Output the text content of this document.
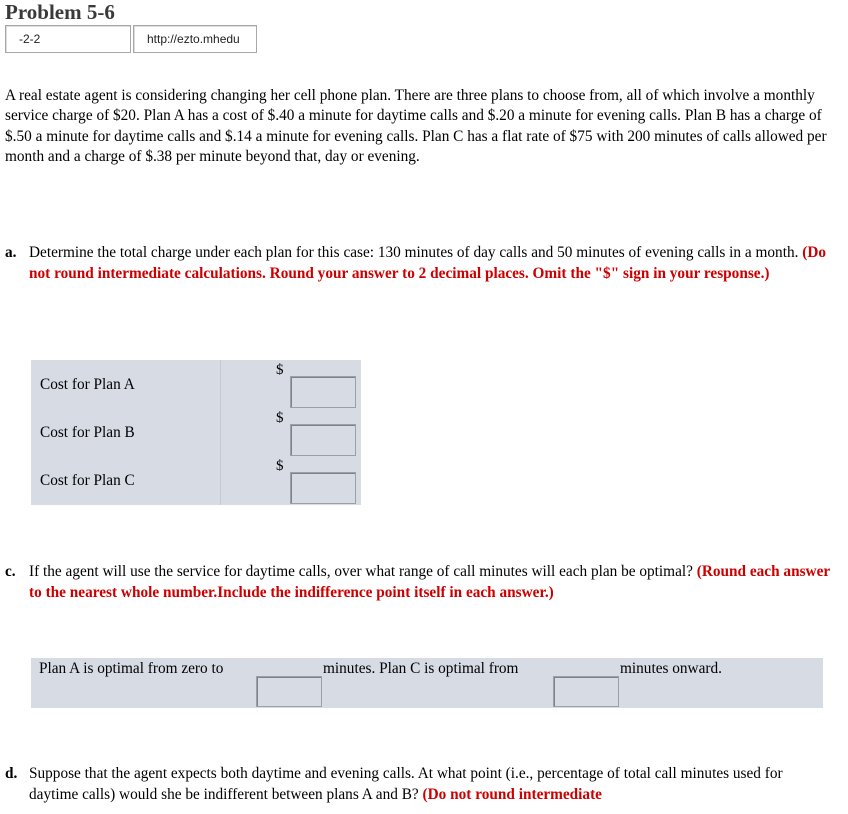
Problem 5-6
-2-2	http://ezto.mhedu
A real estate agent is considering changing her cell phone plan. There are three plans to choose from, all of which involve a monthly service charge of $20. Plan A has a cost of $.40 a minute for daytime calls and $.20 a minute for evening calls. Plan B has a charge of $.50 a minute for daytime calls and $.14 a minute for evening calls. Plan C has a flat rate of $75 with 200 minutes of calls allowed per month and a charge of $.38 per minute beyond that, day or evening.
a. Determine the total charge under each plan for this case: 130 minutes of day calls and 50 minutes of evening calls in a month. (Do not round intermediate calculations. Round your answer to 2 decimal places. Omit the "$" sign in your response.)
Cost for Plan A
$
Cost for Plan B
$
Cost for Plan C
$
c. If the agent will use the service for daytime calls, over what range of call minutes will each plan be optimal? (Round each answer to the nearest whole number.Include the indifference point itself in each answer.)
Plan A is optimal from zero to	minutes. Plan C is optimal from	minutes onward.
d. Suppose that the agent expects both daytime and evening calls. At what point (i.e., percentage of total call minutes used for daytime calls) would she be indifferent between plans A and B? (Do not round intermediate
